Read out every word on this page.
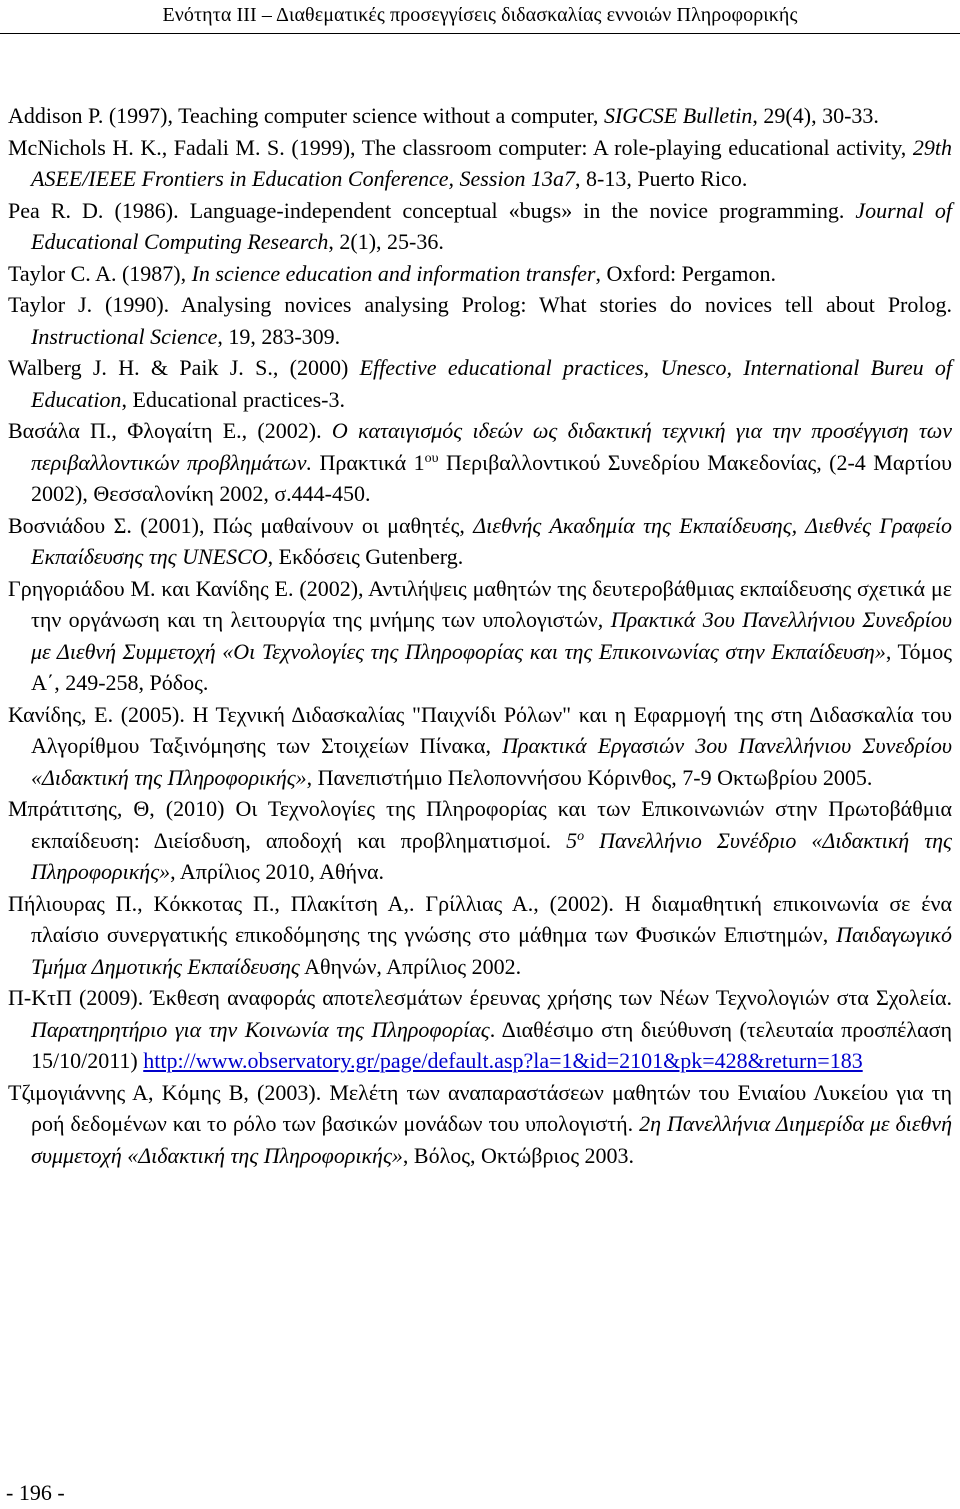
Ενότητα ΙΙΙ – Διαθεματικές προσεγγίσεις διδασκαλίας εννοιών Πληροφορικής

Addison P. (1997), Teaching computer science without a computer, SIGCSE Bulletin, 29(4), 30-33.

McNichols H. K., Fadali M. S. (1999), The classroom computer: A role-playing educational activity, 29th ASEE/IEEE Frontiers in Education Conference, Session 13a7, 8-13, Puerto Rico.

Pea R. D. (1986). Language-independent conceptual «bugs» in the novice programming. Journal of Educational Computing Research, 2(1), 25-36.

Taylor C. A. (1987), In science education and information transfer, Oxford: Pergamon.

Taylor J. (1990). Analysing novices analysing Prolog: What stories do novices tell about Prolog. Instructional Science, 19, 283-309.

Walberg J. H. & Paik J. S., (2000) Effective educational practices, Unesco, International Bureu of Education, Educational practices-3.

Βασάλα Π., Φλογαίτη Ε., (2002). Ο καταιγισμός ιδεών ως διδακτική τεχνική για την προσέγγιση των περιβαλλοντικών προβλημάτων. Πρακτικά $1^{o\upsilon}$ Περιβαλλοντικού Συνεδρίου Μακεδονίας, (2-4 Μαρτίου 2002), Θεσσαλονίκη 2002, σ.444-450.

Βοσνιάδου Σ. (2001), Πώς μαθαίνουν οι μαθητές, Διεθνής Ακαδημία της Εκπαίδευσης, Διεθνές Γραφείο Εκπαίδευσης της UNESCO, Εκδόσεις Gutenberg.

Γρηγοριάδου Μ. και Κανίδης Ε. (2002), Αντιλήψεις μαθητών της δευτεροβάθμιας εκπαίδευσης σχετικά με την οργάνωση και τη λειτουργία της μνήμης των υπολογιστών, Πρακτικά 3ου Πανελλήνιου Συνεδρίου με Διεθνή Συμμετοχή «Οι Τεχνολογίες της Πληροφορίας και της Επικοινωνίας στην Εκπαίδευση», Τόμος Α΄, 249-258, Ρόδος.

Κανίδης, Ε. (2005). Η Τεχνική Διδασκαλίας "Παιχνίδι Ρόλων" και η Εφαρμογή της στη Διδασκαλία του Αλγορίθμου Ταξινόμησης των Στοιχείων Πίνακα, Πρακτικά Εργασιών 3ου Πανελλήνιου Συνεδρίου «Διδακτική της Πληροφορικής», Πανεπιστήμιο Πελοποννήσου Κόρινθος, 7-9 Οκτωβρίου 2005.

Μπράτιτσης, Θ, (2010) Οι Τεχνολογίες της Πληροφορίας και των Επικοινωνιών στην Πρωτοβάθμια εκπαίδευση: Διείσδυση, αποδοχή και προβληματισμοί. $5^o$ Πανελλήνιο Συνέδριο «Διδακτική της Πληροφορικής», Απρίλιος 2010, Αθήνα.

Πήλιουρας Π., Κόκκοτας Π., Πλακίτση Α,. Γρίλλιας Α., (2002). Η διαμαθητική επικοινωνία σε ένα πλαίσιο συνεργατικής επικοδόμησης της γνώσης στο μάθημα των Φυσικών Επιστημών, Παιδαγωγικό Τμήμα Δημοτικής Εκπαίδευσης Αθηνών, Απρίλιος 2002.

Π-ΚτΠ (2009). Έκθεση αναφοράς αποτελεσμάτων έρευνας χρήσης των Νέων Τεχνολογιών στα Σχολεία. Παρατηρητήριο για την Κοινωνία της Πληροφορίας. Διαθέσιμο στη διεύθυνση (τελευταία προσπέλαση 15/10/2011) http://www.observatory.gr/page/default.asp?la=1&id=2101&pk=428&return=183

Τζιμογιάννης Α, Κόμης Β, (2003). Μελέτη των αναπαραστάσεων μαθητών του Ενιαίου Λυκείου για τη ροή δεδομένων και το ρόλο των βασικών μονάδων του υπολογιστή. 2η Πανελλήνια Διημερίδα με διεθνή συμμετοχή «Διδακτική της Πληροφορικής», Βόλος, Οκτώβριος 2003.

- 196 -
